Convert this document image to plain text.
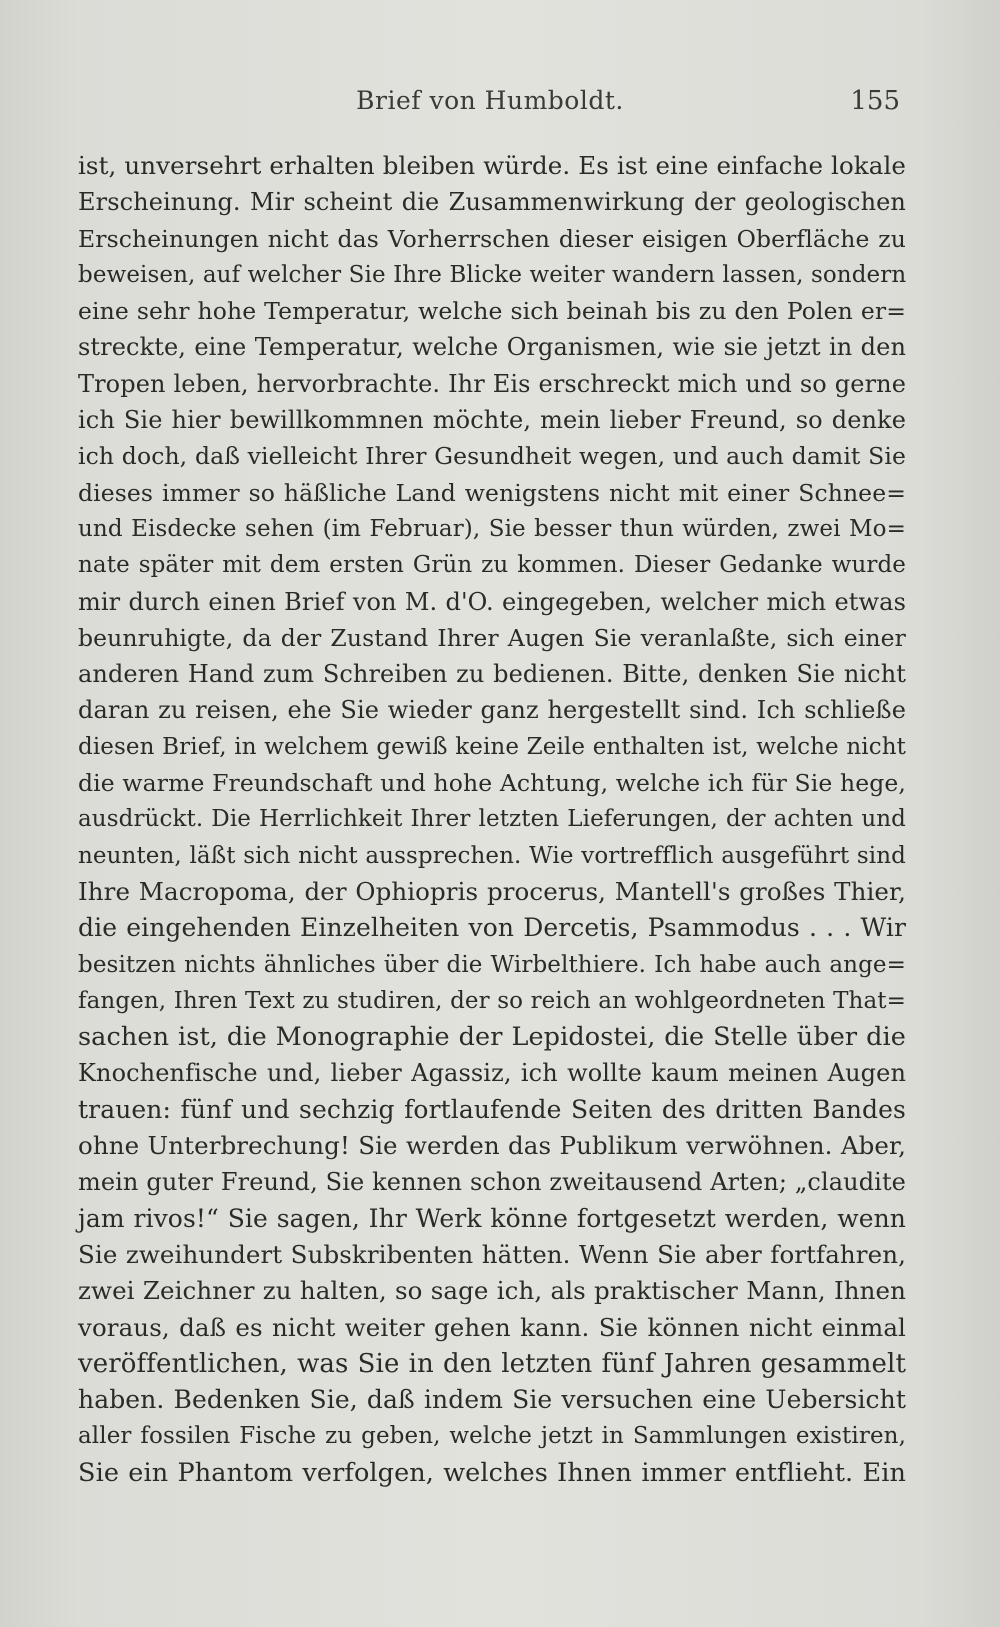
Brief von Humboldt.	155
ist, unversehrt erhalten bleiben würde. Es ist eine einfache lokale
Erscheinung. Mir scheint die Zusammenwirkung der geologischen
Erscheinungen nicht das Vorherrschen dieser eisigen Oberfläche zu
beweisen, auf welcher Sie Ihre Blicke weiter wandern lassen, sondern
eine sehr hohe Temperatur, welche sich beinah bis zu den Polen er=
streckte, eine Temperatur, welche Organismen, wie sie jetzt in den
Tropen leben, hervorbrachte. Ihr Eis erschreckt mich und so gerne
ich Sie hier bewillkommnen möchte, mein lieber Freund, so denke
ich doch, daß vielleicht Ihrer Gesundheit wegen, und auch damit Sie
dieses immer so häßliche Land wenigstens nicht mit einer Schnee=
und Eisdecke sehen (im Februar), Sie besser thun würden, zwei Mo=
nate später mit dem ersten Grün zu kommen. Dieser Gedanke wurde
mir durch einen Brief von M. d'O. eingegeben, welcher mich etwas
beunruhigte, da der Zustand Ihrer Augen Sie veranlaßte, sich einer
anderen Hand zum Schreiben zu bedienen. Bitte, denken Sie nicht
daran zu reisen, ehe Sie wieder ganz hergestellt sind. Ich schließe
diesen Brief, in welchem gewiß keine Zeile enthalten ist, welche nicht
die warme Freundschaft und hohe Achtung, welche ich für Sie hege,
ausdrückt. Die Herrlichkeit Ihrer letzten Lieferungen, der achten und
neunten, läßt sich nicht aussprechen. Wie vortrefflich ausgeführt sind
Ihre Macropoma, der Ophiopris procerus, Mantell's großes Thier,
die eingehenden Einzelheiten von Dercetis, Psammodus . . . Wir
besitzen nichts ähnliches über die Wirbelthiere. Ich habe auch ange=
fangen, Ihren Text zu studiren, der so reich an wohlgeordneten That=
sachen ist, die Monographie der Lepidostei, die Stelle über die
Knochenfische und, lieber Agassiz, ich wollte kaum meinen Augen
trauen: fünf und sechzig fortlaufende Seiten des dritten Bandes
ohne Unterbrechung! Sie werden das Publikum verwöhnen. Aber,
mein guter Freund, Sie kennen schon zweitausend Arten; „claudite
jam rivos!“ Sie sagen, Ihr Werk könne fortgesetzt werden, wenn
Sie zweihundert Subskribenten hätten. Wenn Sie aber fortfahren,
zwei Zeichner zu halten, so sage ich, als praktischer Mann, Ihnen
voraus, daß es nicht weiter gehen kann. Sie können nicht einmal
veröffentlichen, was Sie in den letzten fünf Jahren gesammelt
haben. Bedenken Sie, daß indem Sie versuchen eine Uebersicht
aller fossilen Fische zu geben, welche jetzt in Sammlungen existiren,
Sie ein Phantom verfolgen, welches Ihnen immer entflieht. Ein
